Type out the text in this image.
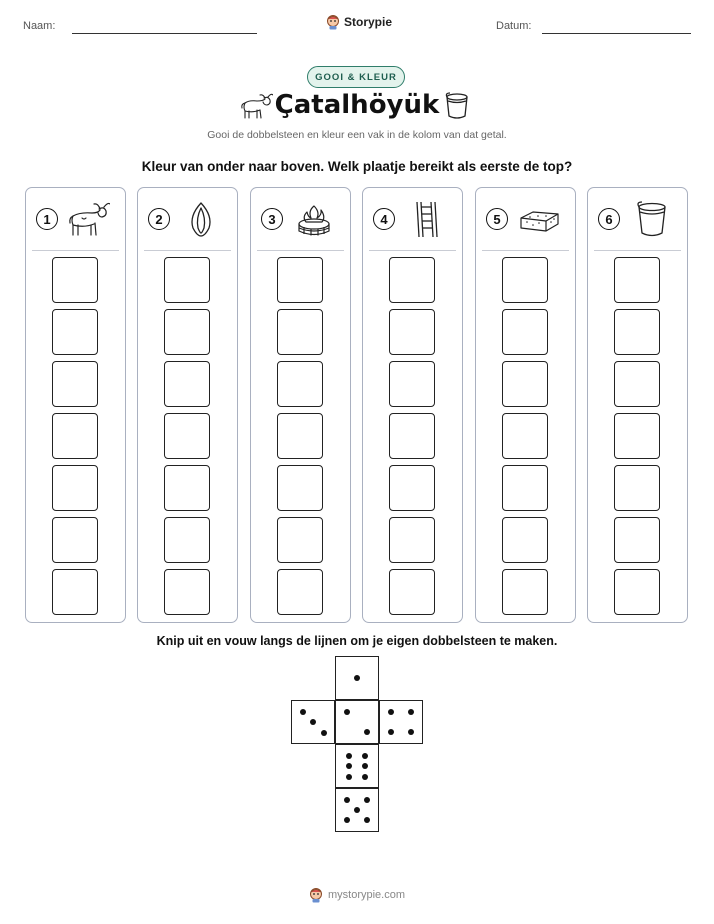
Naam:	Storypie	Datum:
GOOI & KLEUR
Çatalhöyük
Gooi de dobbelsteen en kleur een vak in de kolom van dat getal.
Kleur van onder naar boven. Welk plaatje bereikt als eerste de top?
1	2	3	4	5	6
Knip uit en vouw langs de lijnen om je eigen dobbelsteen te maken.
mystorypie.com
